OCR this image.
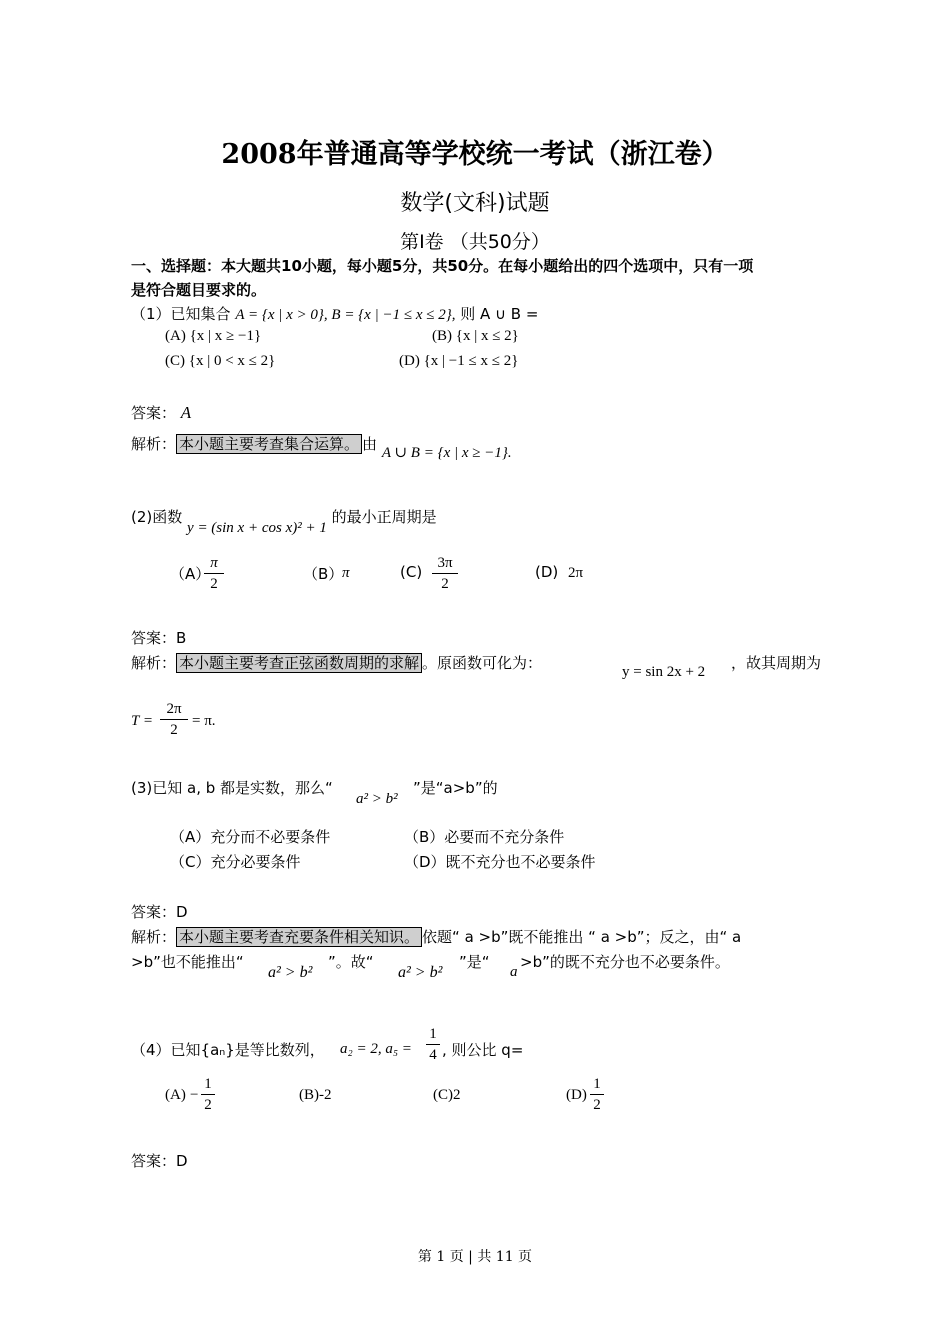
2008年普通高等学校统一考试（浙江卷）
数学(文科)试题
第Ⅰ卷 （共50分）
一、选择题：本大题共10小题，每小题5分，共50分。在每小题给出的四个选项中，只有一项
是符合题目要求的。
（1）已知集合 A = {x | x > 0}, B = {x | −1 ≤ x ≤ 2}, 则 A ∪ B =
(A) {x | x ≥ −1}	(B) {x | x ≤ 2}
(C) {x | 0 < x ≤ 2}	(D) {x | −1 ≤ x ≤ 2}
答案： A
解析： 本小题主要考查集合运算。 由 A ∪ B = {x | x ≥ −1}.
(2)函数 y = (sin x + cos x)² + 1 的最小正周期是
（A）
π
2
（B）
π	(C)	3π
2
(D) 2π
答案：B
解析： 本小题主要考查正弦函数周期的求解 。原函数可化为：	y = sin 2x + 2 ，故其周期为
T =
2π
2
= π.
(3)已知 a, b 都是实数，那么“
a² > b²
”是“a>b”的
（A）充分而不必要条件	（B）必要而不充分条件
（C）充分必要条件	（D）既不充分也不必要条件
答案：D
解析： 本小题主要考查充要条件相关知识。 依题“ a >b”既不能推出 “ a >b”；反之，由“ a
>b”也不能推出“
a² > b²
”。故“
a² > b²
”是“
a
>b”的既不充分也不必要条件。
（4）已知{aₙ}是等比数列， a₂ = 2, a₅ =
1
4 , 则公比 q=
(A) −
1
2
(B)-2	(C)2	(D)
1
2
答案：D
第 1 页 | 共 11 页
